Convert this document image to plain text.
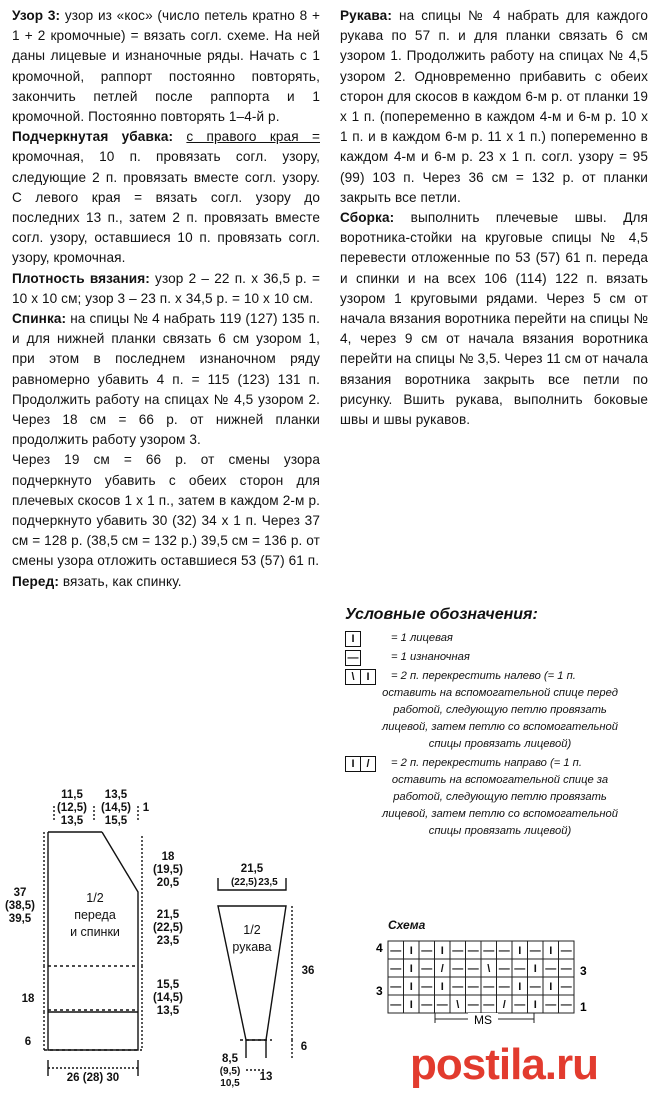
Узор 3: узор из «кос» (число петель кратно 8 + 1 + 2 кромочные) = вязать согл. схеме. На ней даны лицевые и изнаночные ряды. Начать с 1 кромочной, раппорт постоянно повторять, закончить петлей после раппорта и 1 кромочной. Постоянно повторять 1–4-й р.

Подчеркнутая убавка: с правого края = кромочная, 10 п. провязать согл. узору, следующие 2 п. провязать вместе согл. узору. С левого края = вязать согл. узору до последних 13 п., затем 2 п. провязать вместе согл. узору, оставшиеся 10 п. провязать согл. узору, кромочная.

Плотность вязания: узор 2 – 22 п. х 36,5 р. = 10 х 10 см; узор 3 – 23 п. х 34,5 р. = 10 х 10 см.

Спинка: на спицы № 4 набрать 119 (127) 135 п. и для нижней планки связать 6 см узором 1, при этом в последнем изнаночном ряду равномерно убавить 4 п. = 115 (123) 131 п. Продолжить работу на спицах № 4,5 узором 2. Через 18 см = 66 р. от нижней планки продолжить работу узором 3.

Через 19 см = 66 р. от смены узора подчеркнуто убавить с обеих сторон для плечевых скосов 1 х 1 п., затем в каждом 2-м р. подчеркнуто убавить 30 (32) 34 х 1 п. Через 37 см = 128 р. (38,5 см = 132 р.) 39,5 см = 136 р. от смены узора отложить оставшиеся 53 (57) 61 п.

Перед: вязать, как спинку.

Рукава: на спицы № 4 набрать для каждого рукава по 57 п. и для планки связать 6 см узором 1. Продолжить работу на спицах № 4,5 узором 2. Одновременно прибавить с обеих сторон для скосов в каждом 6-м р. от планки 19 х 1 п. (попеременно в каждом 4-м и 6-м р. 10 х 1 п. и в каждом 6-м р. 11 х 1 п.) попеременно в каждом 4-м и 6-м р. 23 х 1 п. согл. узору = 95 (99) 103 п. Через 36 см = 132 р. от планки закрыть все петли.

Сборка: выполнить плечевые швы. Для воротника-стойки на круговые спицы № 4,5 перевести отложенные по 53 (57) 61 п. переда и спинки и на всех 106 (114) 122 п. вязать узором 1 круговыми рядами. Через 5 см от начала вязания воротника перейти на спицы № 4, через 9 см от начала вязания воротника перейти на спицы № 3,5. Через 11 см от начала вязания воротника закрыть все петли по рисунку. Вшить рукава, выполнить боковые швы и швы рукавов.

Условные обозначения:
I	= 1 лицевая
—	= 1 изнаночная
\	I	= 2 п. перекрестить налево (= 1 п.
оставить на вспомогательной спице перед работой, следующую петлю провязать лицевой, затем петлю со вспомогательной спицы провязать лицевой)
I	/	= 2 п. перекрестить направо (= 1 п.
оставить на вспомогательной спице за работой, следующую петлю провязать лицевой, затем петлю со вспомогательной спицы провязать лицевой)
Схема
— I — I — — — — I — I —
— I — / — — \ — — I — —
— I — I — — — — I — I —
— I — — \ — — / — I — —
4
3
3
1
MS
11,5
(12,5)
13,5
13,5
(14,5)
15,5
1
37
(38,5)
39,5
18
(19,5)
20,5
21,5
(22,5)
23,5
15,5
(14,5)
13,5
18
6
26 (28) 30
1/2
переда
и спинки
21,5
(22,5) 23,5
36
6
8,5
(9,5)
10,5
13
1/2
рукава
postila.ru
